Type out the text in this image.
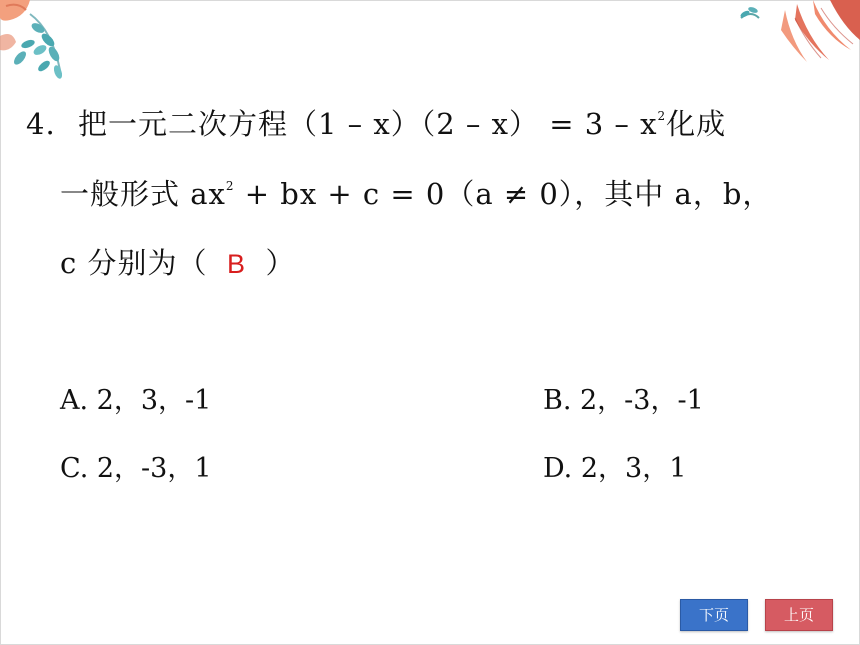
4. 把一元二次方程$(1 - x)(2 - x) = 3 - x^2$化成
一般形式 $ax^2$ + bx + c = 0（a ≠ 0），其中 a，b，
c 分别为（ B ）
A. 2，3，-1	B. 2，-3，-1
C. 2，-3，1	D. 2，3，1
下页	上页
